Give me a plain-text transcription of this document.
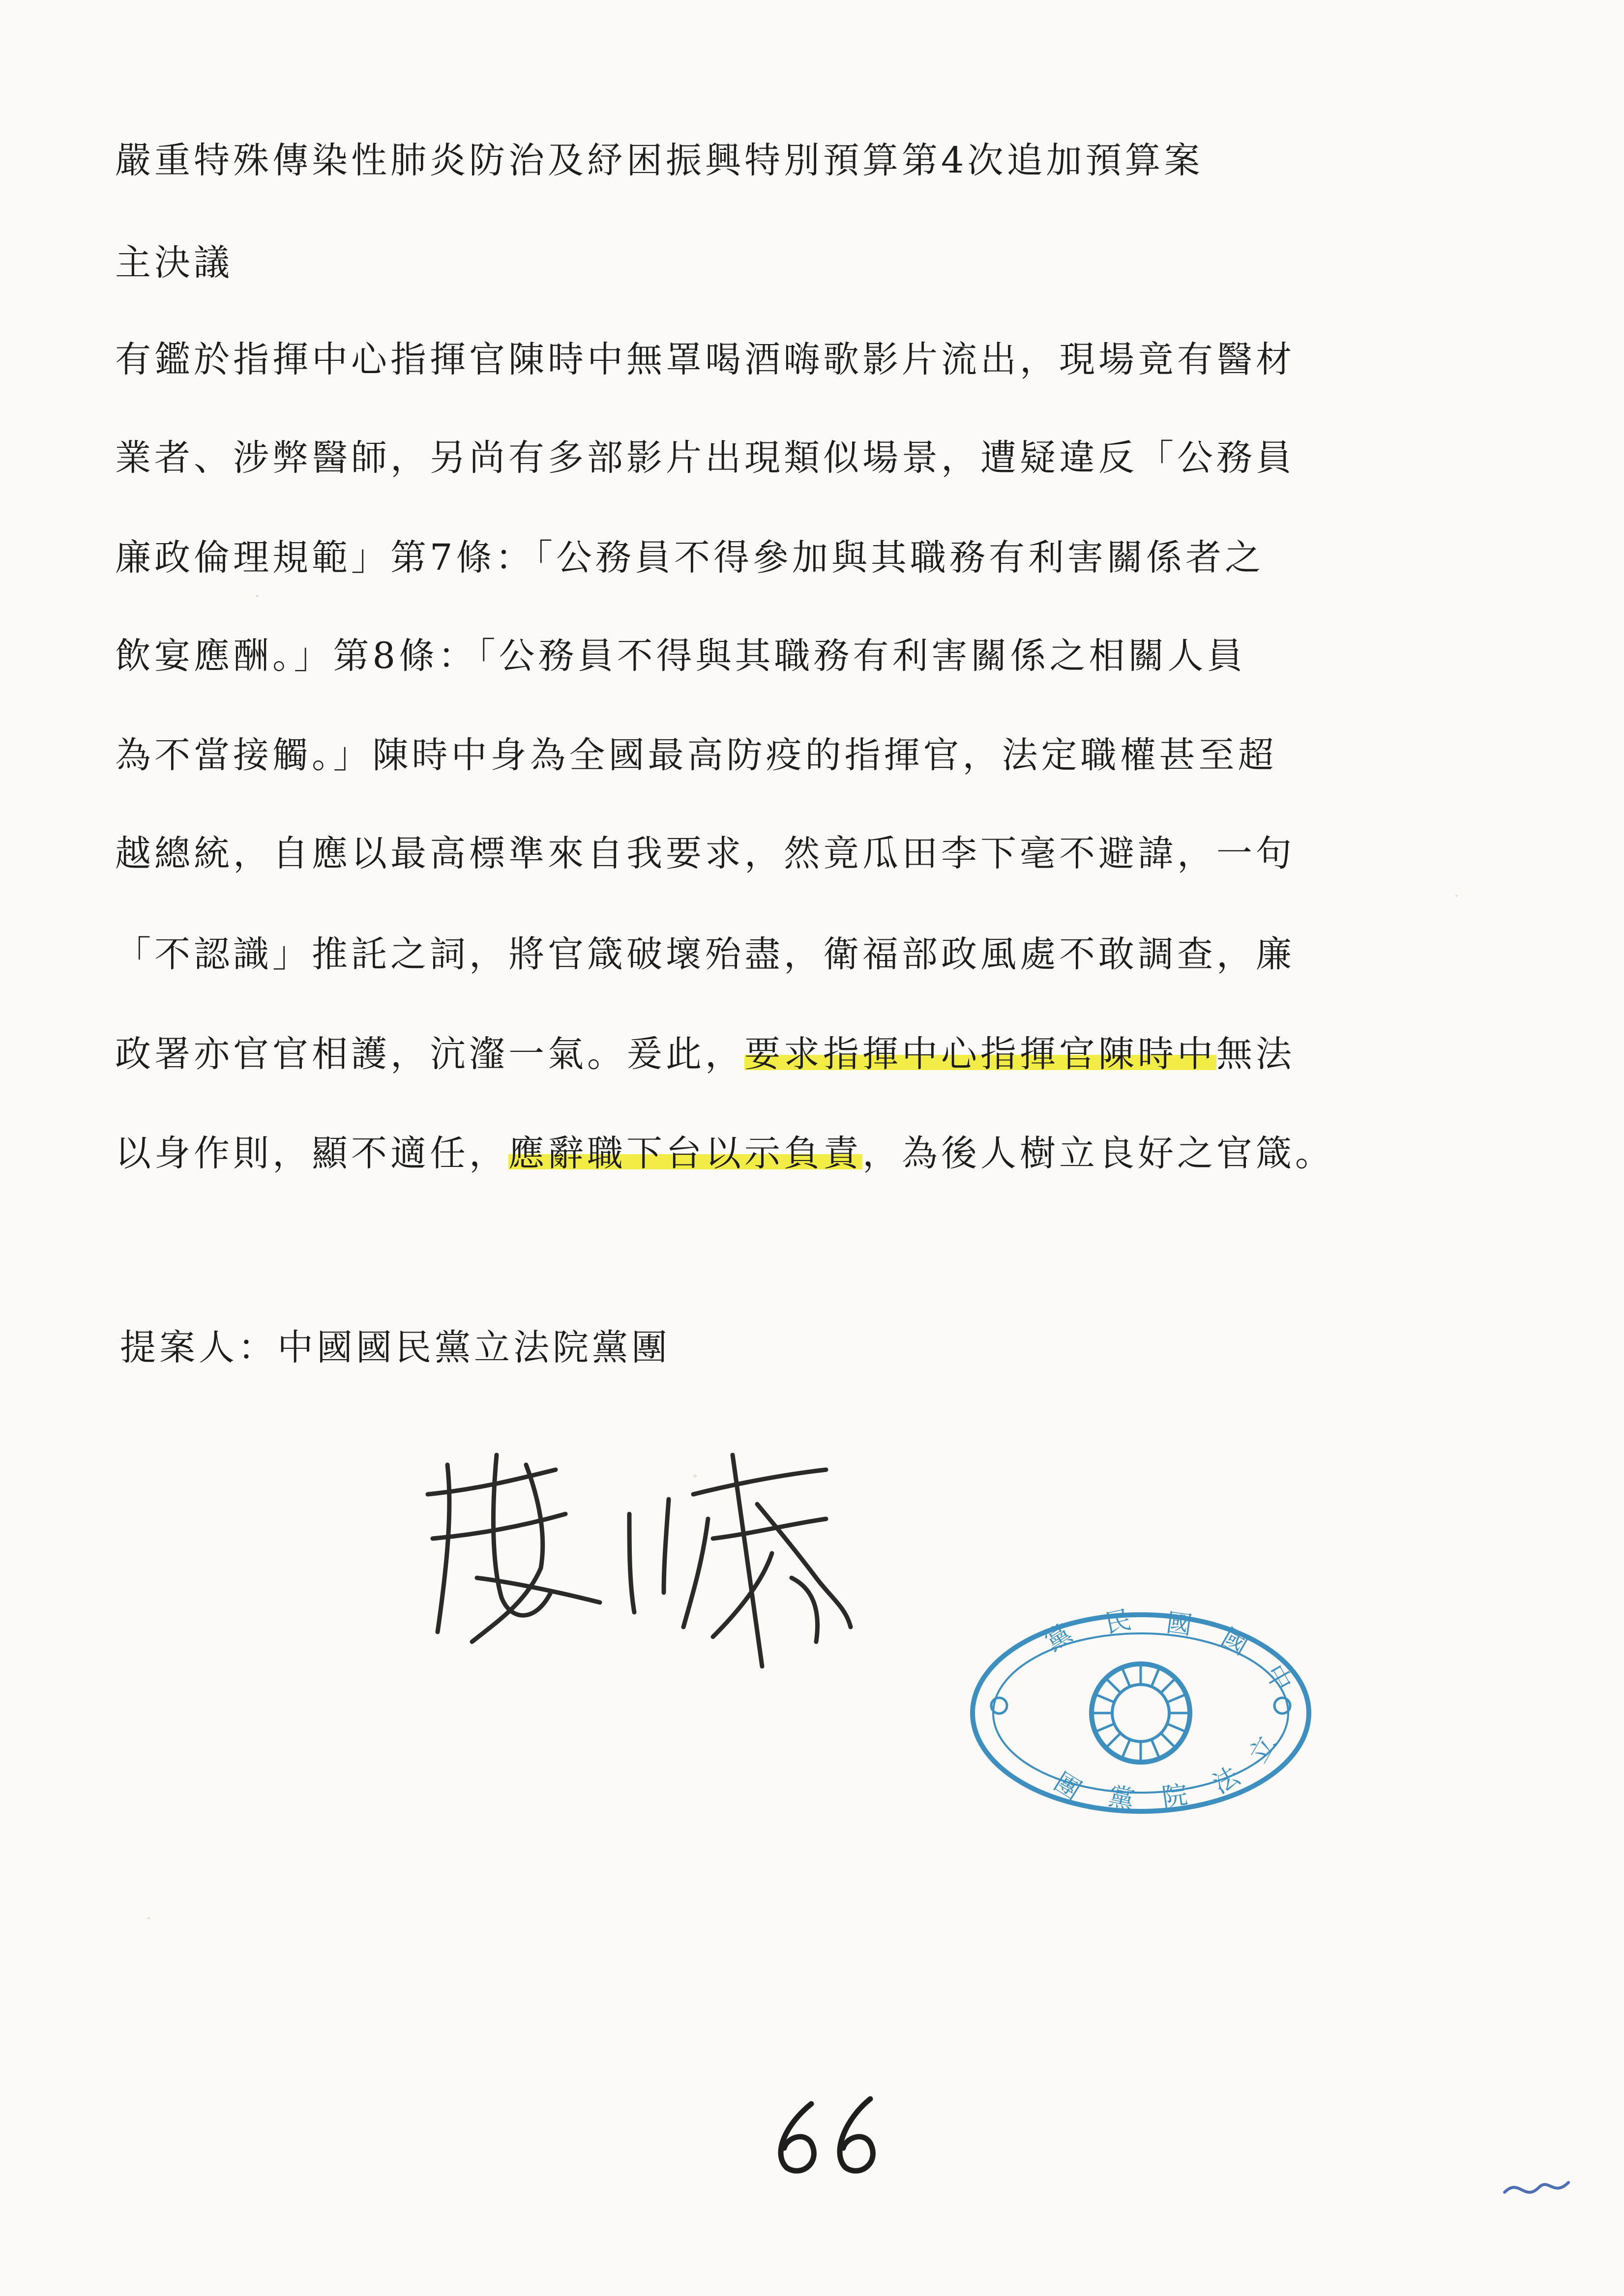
嚴重特殊傳染性肺炎防治及紓困振興特別預算第4次追加預算案
主決議
有鑑於指揮中心指揮官陳時中無罩喝酒嗨歌影片流出，現場竟有醫材
業者、涉弊醫師，另尚有多部影片出現類似場景，遭疑違反「公務員
廉政倫理規範」第7條：「公務員不得參加與其職務有利害關係者之
飲宴應酬。」第8條：「公務員不得與其職務有利害關係之相關人員
為不當接觸。」陳時中身為全國最高防疫的指揮官，法定職權甚至超
越總統，自應以最高標準來自我要求，然竟瓜田李下毫不避諱，一句
「不認識」推託之詞，將官箴破壞殆盡，衛福部政風處不敢調查，廉
政署亦官官相護，沆瀣一氣。爰此，要求指揮中心指揮官陳時中無法
以身作則，顯不適任，應辭職下台以示負責，為後人樹立良好之官箴。
提案人：中國國民黨立法院黨團
中
國
國
民
黨
立
法
院
黨
團
